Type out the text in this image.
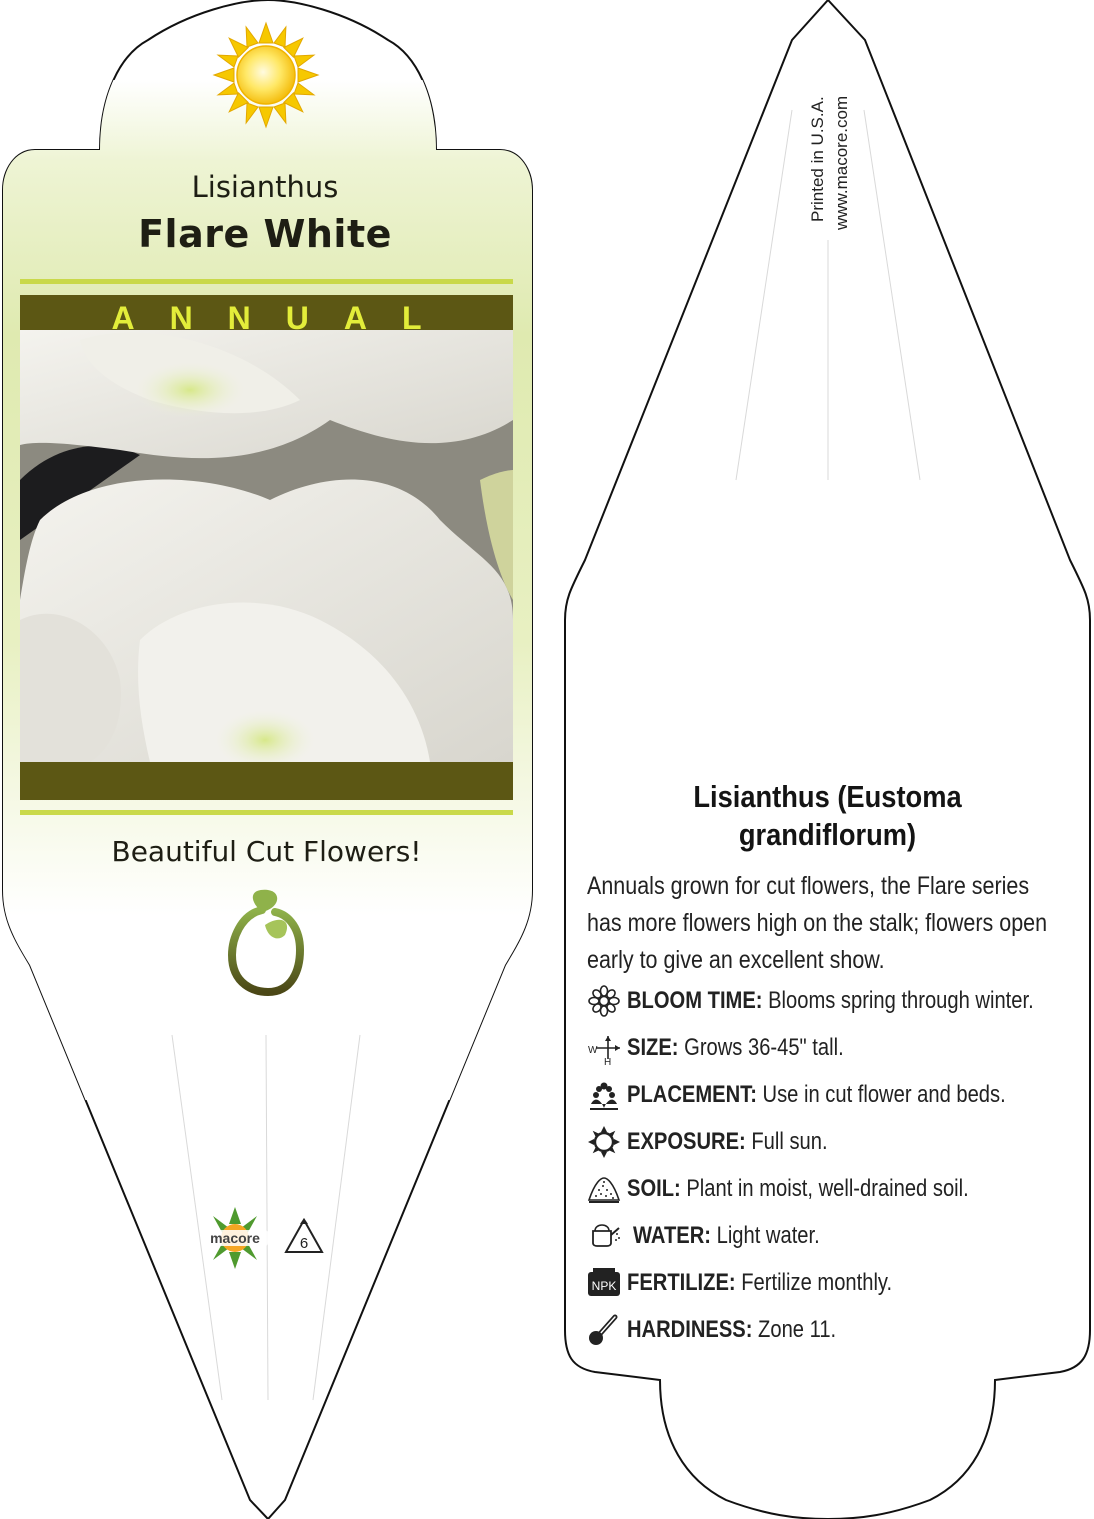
macore	6
Lisianthus
Flare White
ANNUAL
Beautiful Cut Flowers!
Printed in U.S.A. www.macore.com
Lisianthus (Eustoma grandiflorum)

Annuals grown for cut flowers, the Flare series has more flowers high on the stalk; flowers open early to give an excellent show.

BLOOM TIME: Blooms spring through winter.
W
H
SIZE: Grows 36-45" tall.
PLACEMENT: Use in cut flower and beds.
EXPOSURE: Full sun.
SOIL: Plant in moist, well-drained soil.
WATER: Light water.
NPK FERTILIZE: Fertilize monthly.
HARDINESS: Zone 11.
